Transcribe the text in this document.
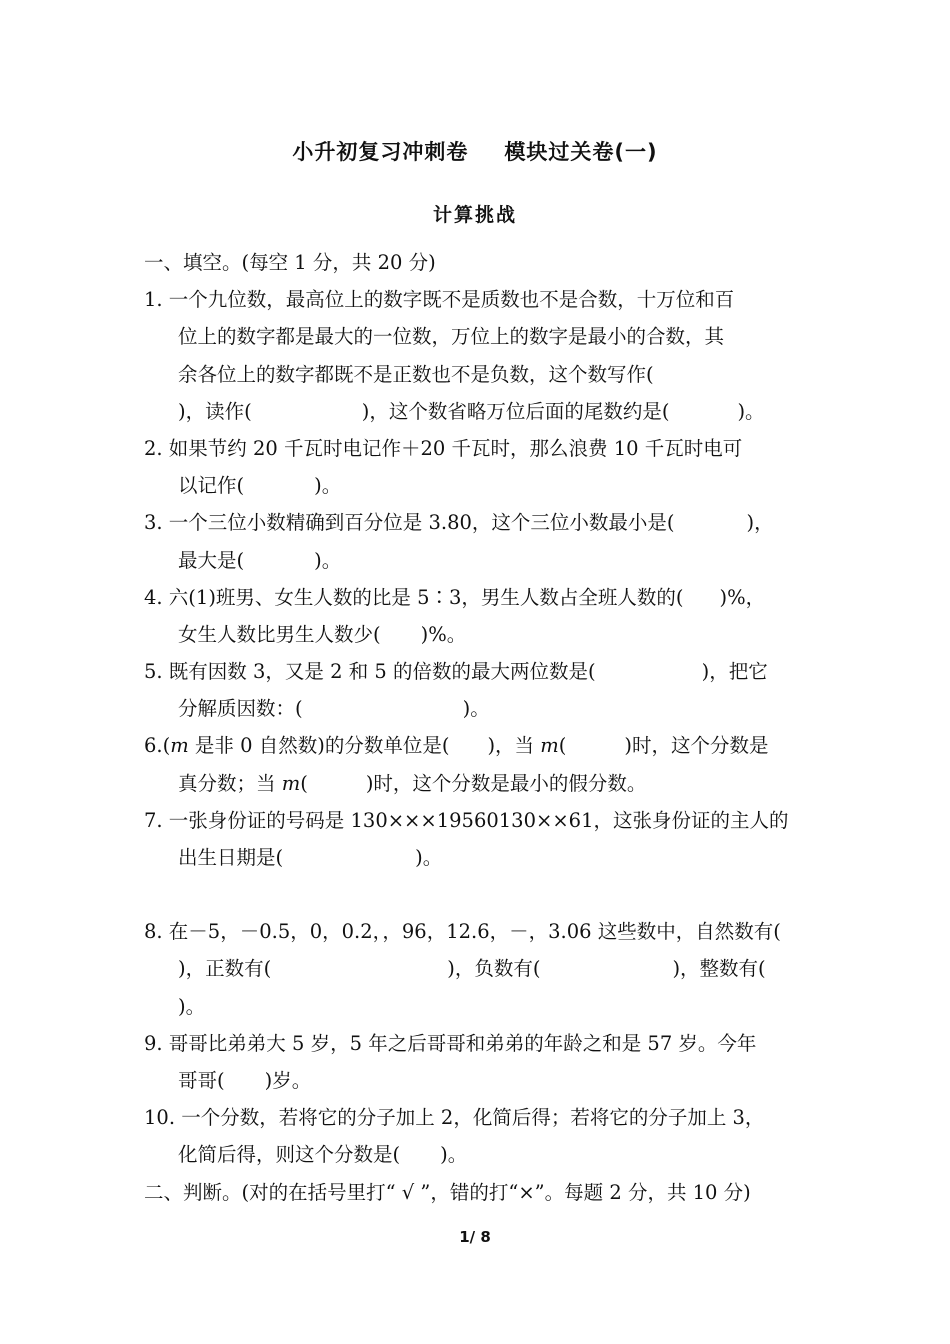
小升初复习冲刺卷 模块过关卷(一)
计算挑战
一、填空。(每空 1 分，共 20 分)
1. 一个九位数，最高位上的数字既不是质数也不是合数，十万位和百
位上的数字都是最大的一位数，万位上的数字是最小的合数，其
余各位上的数字都既不是正数也不是负数，这个数写作(
)，读作(	)，这个数省略万位后面的尾数约是(	)。
2. 如果节约 20 千瓦时电记作＋20 千瓦时，那么浪费 10 千瓦时电可
以记作(	)。
3. 一个三位小数精确到百分位是 3.80，这个三位小数最小是(	)，
最大是(	)。
4. 六(1)班男、女生人数的比是 5∶3，男生人数占全班人数的( )%，
女生人数比男生人数少( )%。
5. 既有因数 3，又是 2 和 5 的倍数的最大两位数是(	)，把它
分解质因数：(	)。
6.(m 是非 0 自然数)的分数单位是( )，当 m(	)时，这个分数是
真分数；当 m(	)时，这个分数是最小的假分数。
7. 一张身份证的号码是 130×××19560130××61，这张身份证的主人的
出生日期是(	)。
8. 在－5，－0.5，0，0.2，，96，12.6，－，3.06 这些数中，自然数有(
)，正数有(	)，负数有(	)，整数有(
)。
9. 哥哥比弟弟大 5 岁，5 年之后哥哥和弟弟的年龄之和是 57 岁。今年
哥哥( )岁。
10. 一个分数，若将它的分子加上 2，化简后得；若将它的分子加上 3，
化简后得，则这个分数是( )。
二、判断。(对的在括号里打“ √ ”，错的打“×”。每题 2 分，共 10 分)
1/ 8
